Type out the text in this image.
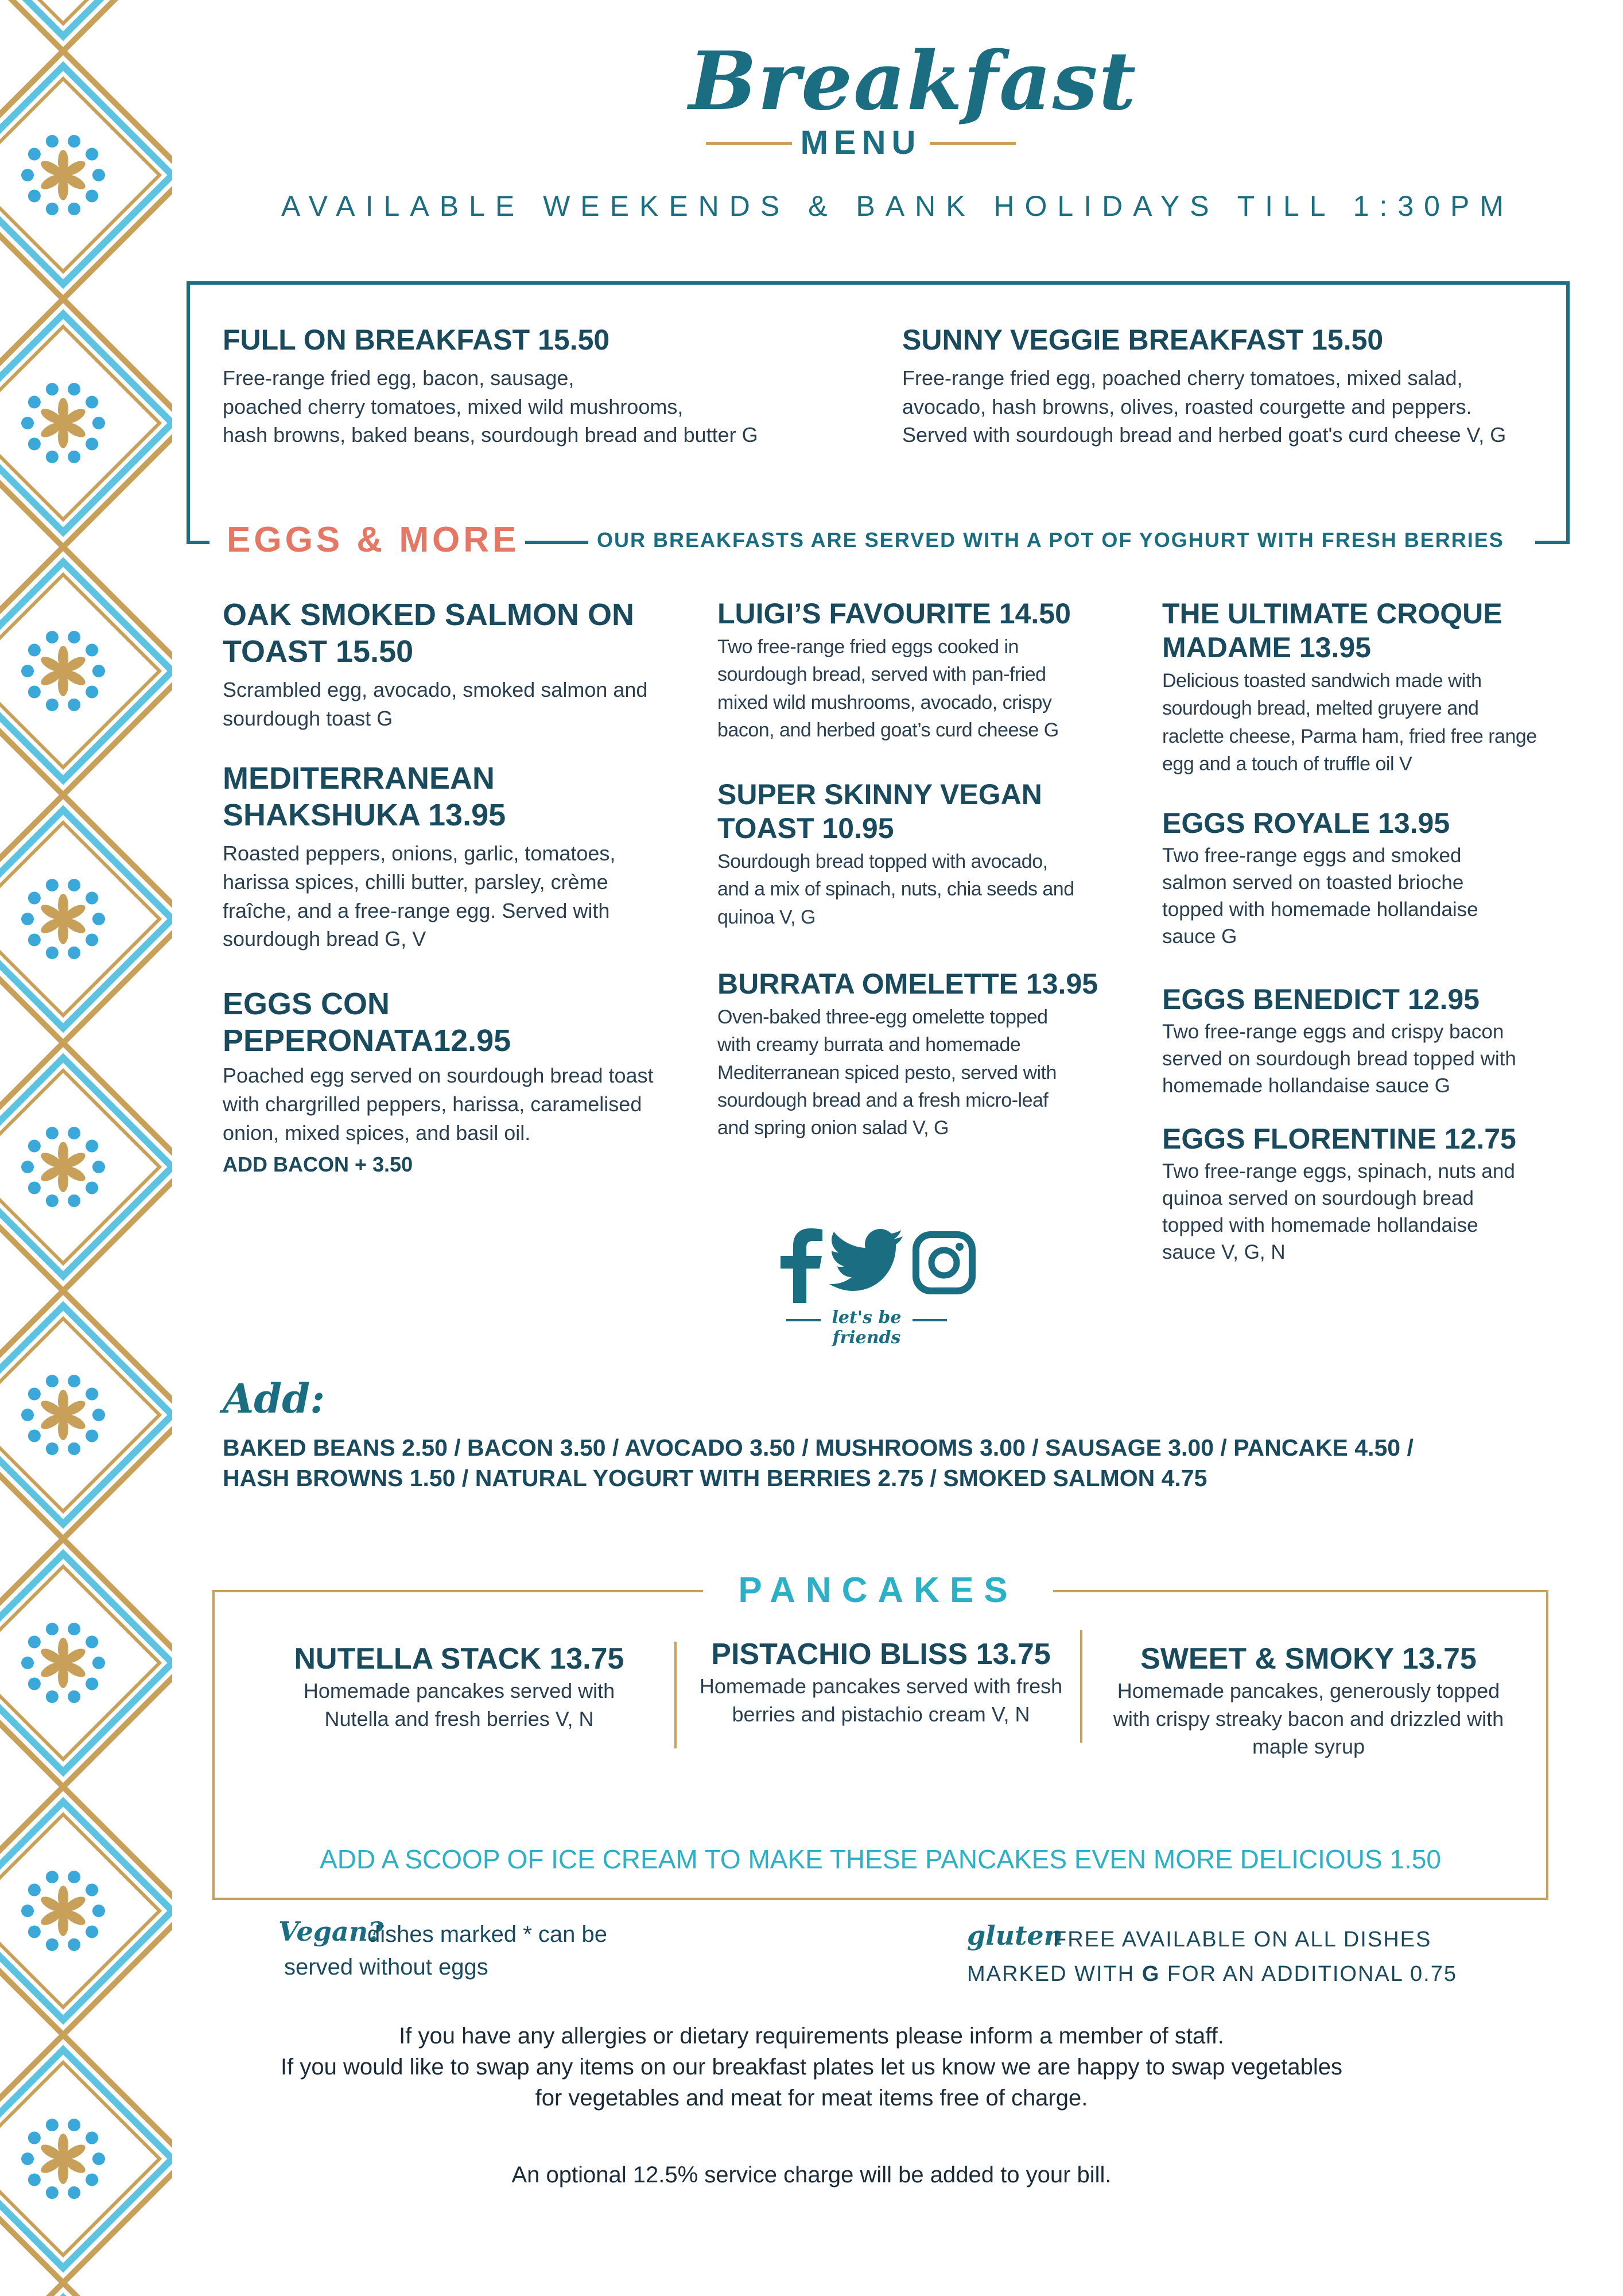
Breakfast
MENU
AVAILABLE WEEKENDS & BANK HOLIDAYS TILL 1:30PM
FULL ON BREAKFAST 15.50
Free-range fried egg, bacon, sausage,
poached cherry tomatoes, mixed wild mushrooms,
hash browns, baked beans, sourdough bread and butter G
SUNNY VEGGIE BREAKFAST 15.50
Free-range fried egg, poached cherry tomatoes, mixed salad,
avocado, hash browns, olives, roasted courgette and peppers.
Served with sourdough bread and herbed goat's curd cheese V, G
EGGS & MORE	OUR BREAKFASTS ARE SERVED WITH A POT OF YOGHURT WITH FRESH BERRIES
OAK SMOKED SALMON ON
TOAST 15.50
Scrambled egg, avocado, smoked salmon and
sourdough toast G
MEDITERRANEAN
SHAKSHUKA 13.95
Roasted peppers, onions, garlic, tomatoes,
harissa spices, chilli butter, parsley, crème
fraîche, and a free-range egg. Served with
sourdough bread G, V
EGGS CON
PEPERONATA12.95
Poached egg served on sourdough bread toast
with chargrilled peppers, harissa, caramelised
onion, mixed spices, and basil oil.
ADD BACON + 3.50
LUIGI’S FAVOURITE 14.50
Two free-range fried eggs cooked in
sourdough bread, served with pan-fried
mixed wild mushrooms, avocado, crispy
bacon, and herbed goat’s curd cheese G
SUPER SKINNY VEGAN
TOAST 10.95
Sourdough bread topped with avocado,
and a mix of spinach, nuts, chia seeds and
quinoa V, G
BURRATA OMELETTE 13.95
Oven-baked three-egg omelette topped
with creamy burrata and homemade
Mediterranean spiced pesto, served with
sourdough bread and a fresh micro-leaf
and spring onion salad V, G
THE ULTIMATE CROQUE
MADAME 13.95
Delicious toasted sandwich made with
sourdough bread, melted gruyere and
raclette cheese, Parma ham, fried free range
egg and a touch of truffle oil V
EGGS ROYALE 13.95
Two free-range eggs and smoked
salmon served on toasted brioche
topped with homemade hollandaise
sauce G
EGGS BENEDICT 12.95
Two free-range eggs and crispy bacon
served on sourdough bread topped with
homemade hollandaise sauce G
EGGS FLORENTINE 12.75
Two free-range eggs, spinach, nuts and
quinoa served on sourdough bread
topped with homemade hollandaise
sauce V, G, N
let's be friends
Add:
BAKED BEANS 2.50 / BACON 3.50 / AVOCADO 3.50 / MUSHROOMS 3.00 / SAUSAGE 3.00 / PANCAKE 4.50 /
HASH BROWNS 1.50 / NATURAL YOGURT WITH BERRIES 2.75 / SMOKED SALMON 4.75
PANCAKES
NUTELLA STACK 13.75
Homemade pancakes served with
Nutella and fresh berries V, N
PISTACHIO BLISS 13.75
Homemade pancakes served with fresh
berries and pistachio cream V, N
SWEET & SMOKY 13.75
Homemade pancakes, generously topped
with crispy streaky bacon and drizzled with
maple syrup
ADD A SCOOP OF ICE CREAM TO MAKE THESE PANCAKES EVEN MORE DELICIOUS 1.50
Vegan?
dishes marked * can be
served without eggs
gluten
FREE AVAILABLE ON ALL DISHES
MARKED WITH G FOR AN ADDITIONAL 0.75
If you have any allergies or dietary requirements please inform a member of staff.
If you would like to swap any items on our breakfast plates let us know we are happy to swap vegetables
for vegetables and meat for meat items free of charge.
An optional 12.5% service charge will be added to your bill.
